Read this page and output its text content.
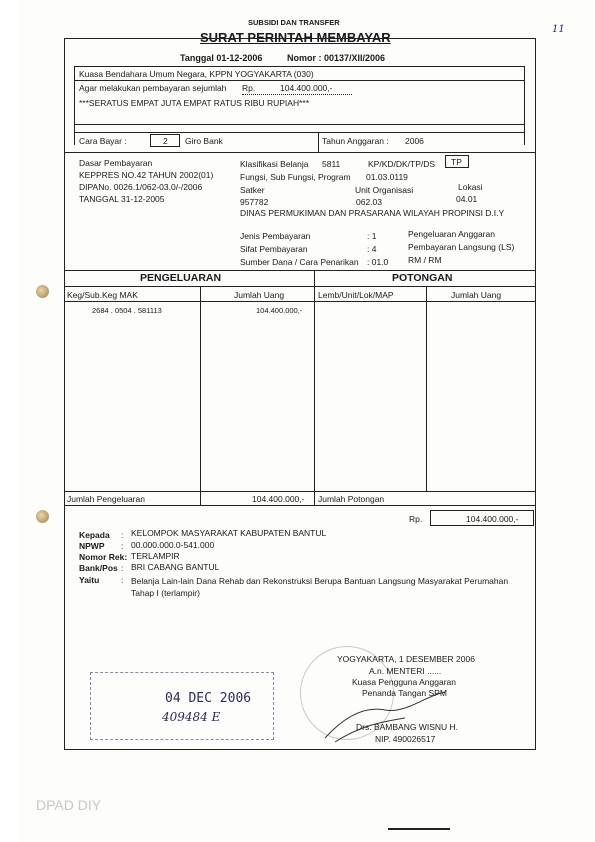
11
SUBSIDI DAN TRANSFER
SURAT PERINTAH MEMBAYAR
Tanggal 01-12-2006	Nomor : 00137/XII/2006
Kuasa Bendahara Umum Negara, KPPN YOGYAKARTA (030)
Agar melakukan pembayaran sejumlah Rp.	104.400.000,-
***SERATUS EMPAT JUTA EMPAT RATUS RIBU RUPIAH***
Cara Bayar :	2 Giro Bank	Tahun Anggaran : 2006
Dasar Pembayaran
KEPPRES NO.42 TAHUN 2002(01)
DIPANo. 0026.1/062-03.0/-/2006
TANGGAL 31-12-2005
Klasifikasi Belanja 5811	KP/KD/DK/TP/DS TP
Fungsi, Sub Fungsi, Program 01.03.0119
Satker	Unit Organisasi	Lokasi
957782	062.03	04.01
DINAS PERMUKIMAN DAN PRASARANA WILAYAH PROPINSI D.I.Y
Jenis Pembayaran	: 1	Pengeluaran Anggaran
Sifat Pembayaran	: 4	Pembayaran Langsung (LS)
Sumber Dana / Cara Penarikan : 01.0 RM / RM
PENGELUARAN	POTONGAN
Keg/Sub.Keg MAK	Jumlah Uang	Lemb/Unit/Lok/MAP	Jumlah Uang
2684 . 0504 . 581113	104.400.000,-
Jumlah Pengeluaran	104.400.000,- Jumlah Potongan
Rp.	104.400.000,-
Kepada : KELOMPOK MASYARAKAT KABUPATEN BANTUL
NPWP : 00.000.000.0-541.000
Nomor Rek: TERLAMPIR
Bank/Pos : BRI CABANG BANTUL
Yaitu	: Belanja Lain-lain Dana Rehab dan Rekonstruksi Berupa Bantuan Langsung Masyarakat Perumahan
Tahap I (terlampir)
YOGYAKARTA, 1 DESEMBER 2006
A.n. MENTERI ......
Kuasa Pengguna Anggaran
Penanda Tangan SPM
Drs. BAMBANG WISNU H.
NIP. 490026517
04 DEC 2006
409484 E
DPAD DIY
